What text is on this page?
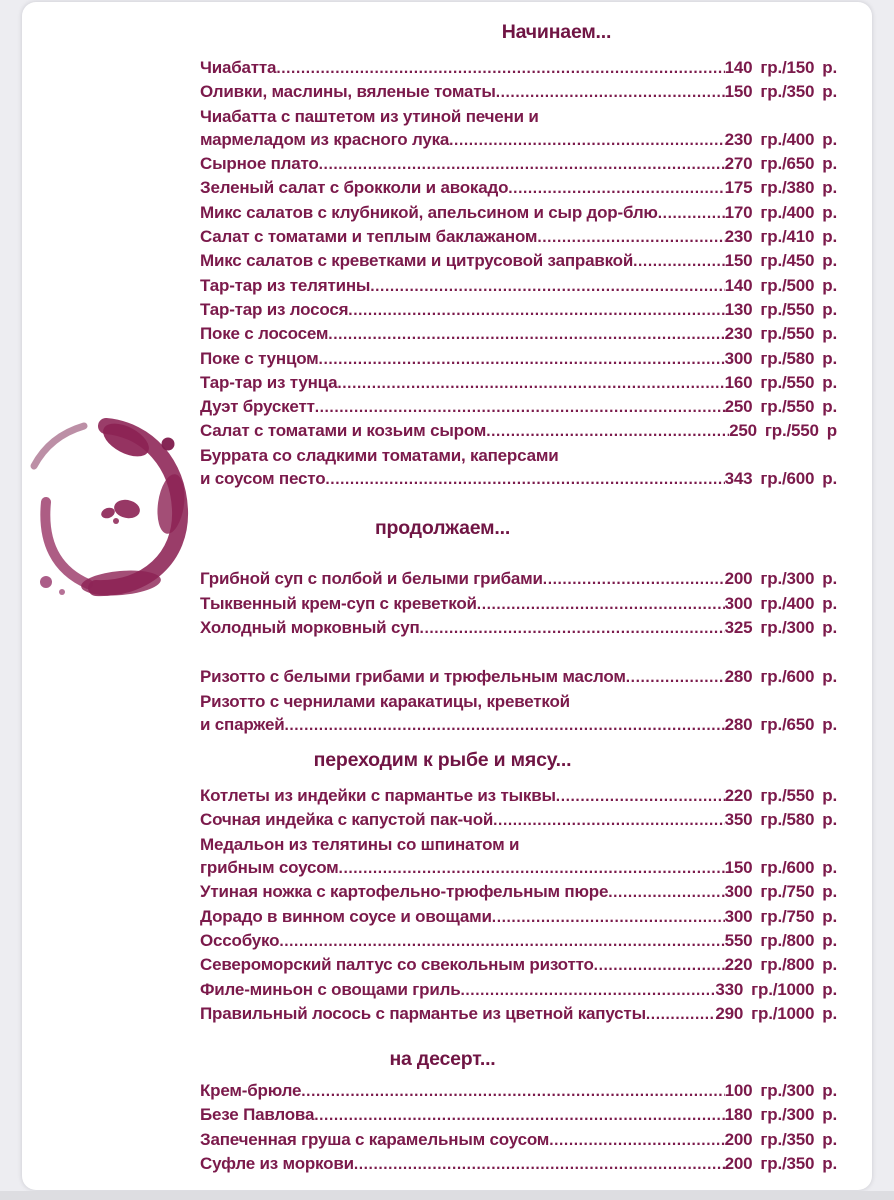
Начинаем...
Чиабатта .....	140 гр./150 р.
Оливки, маслины, вяленые томаты .....	150 гр./350 р.
Чиабатта с паштетом из утиной печени и
мармеладом из красного лука .....	230 гр./400 р.
Сырное плато .....	270 гр./650 р.
Зеленый салат с брокколи и авокадо .....	175 гр./380 р.
Микс салатов с клубникой, апельсином и сыр дор-блю .....	170 гр./400 р.
Салат с томатами и теплым баклажаном .....	230 гр./410 р.
Микс салатов с креветками и цитрусовой заправкой .....	150 гр./450 р.
Тар-тар из телятины .....	140 гр./500 р.
Тар-тар из лосося .....	130 гр./550 р.
Поке с лососем .....	230 гр./550 р.
Поке с тунцом .....	300 гр./580 р.
Тар-тар из тунца .....	160 гр./550 р.
Дуэт брускетт .....	250 гр./550 р.
Салат с томатами и козьим сыром .....	250 гр./550 р
Буррата со сладкими томатами, каперсами
и соусом песто .....	343 гр./600 р.
продолжаем...
Грибной суп с полбой и белыми грибами .....	200 гр./300 р.
Тыквенный крем-суп с креветкой .....	300 гр./400 р.
Холодный морковный суп .....	325 гр./300 р.
Ризотто с белыми грибами и трюфельным маслом .....	280 гр./600 р.
Ризотто с чернилами каракатицы, креветкой
и спаржей .....	280 гр./650 р.
переходим к рыбе и мясу...
Котлеты из индейки с пармантье из тыквы .....	220 гр./550 р.
Сочная индейка с капустой пак-чой .....	350 гр./580 р.
Медальон из телятины со шпинатом и
грибным соусом .....	150 гр./600 р.
Утиная ножка с картофельно-трюфельным пюре .....	300 гр./750 р.
Дорадо в винном соусе и овощами .....	300 гр./750 р.
Оссобуко .....	550 гр./800 р.
Североморский палтус со свекольным ризотто .....	220 гр./800 р.
Филе-миньон с овощами гриль .....	330 гр./1000 р.
Правильный лосось с пармантье из цветной капусты .....	290 гр./1000 р.
на десерт...
Крем-брюле .....	100 гр./300 р.
Безе Павлова .....	180 гр./300 р.
Запеченная груша с карамельным соусом .....	200 гр./350 р.
Суфле из моркови .....	200 гр./350 р.
